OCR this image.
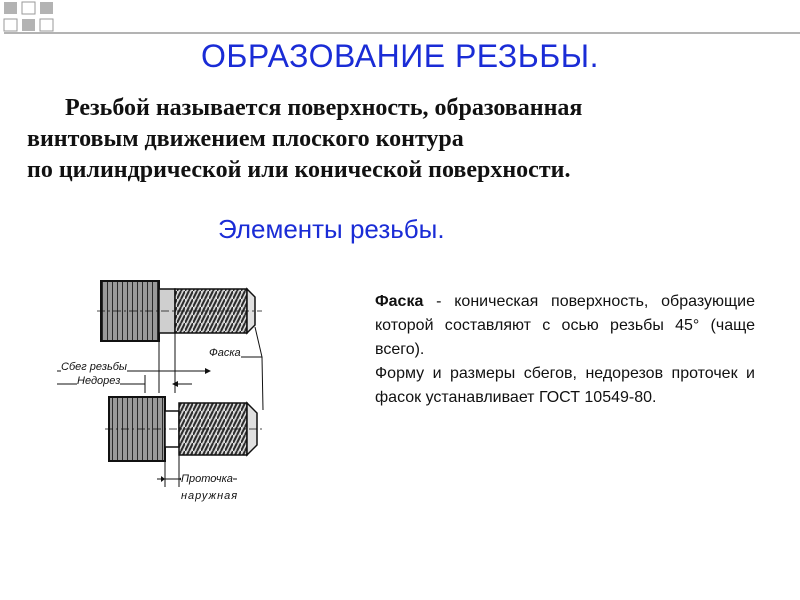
ОБРАЗОВАНИЕ РЕЗЬБЫ.
Резьбой называется поверхность, образованная
винтовым движением плоского контура
по цилиндрической или конической поверхности.
Элементы резьбы.
Сбег резьбы
Недорез
Фаска
Проточка
наружная

Фаска - коническая поверхность, образующие которой составляют с осью резьбы 45° (чаще всего).

Форму и размеры сбегов, недорезов проточек и фасок устанавливает ГОСТ 10549-80.
